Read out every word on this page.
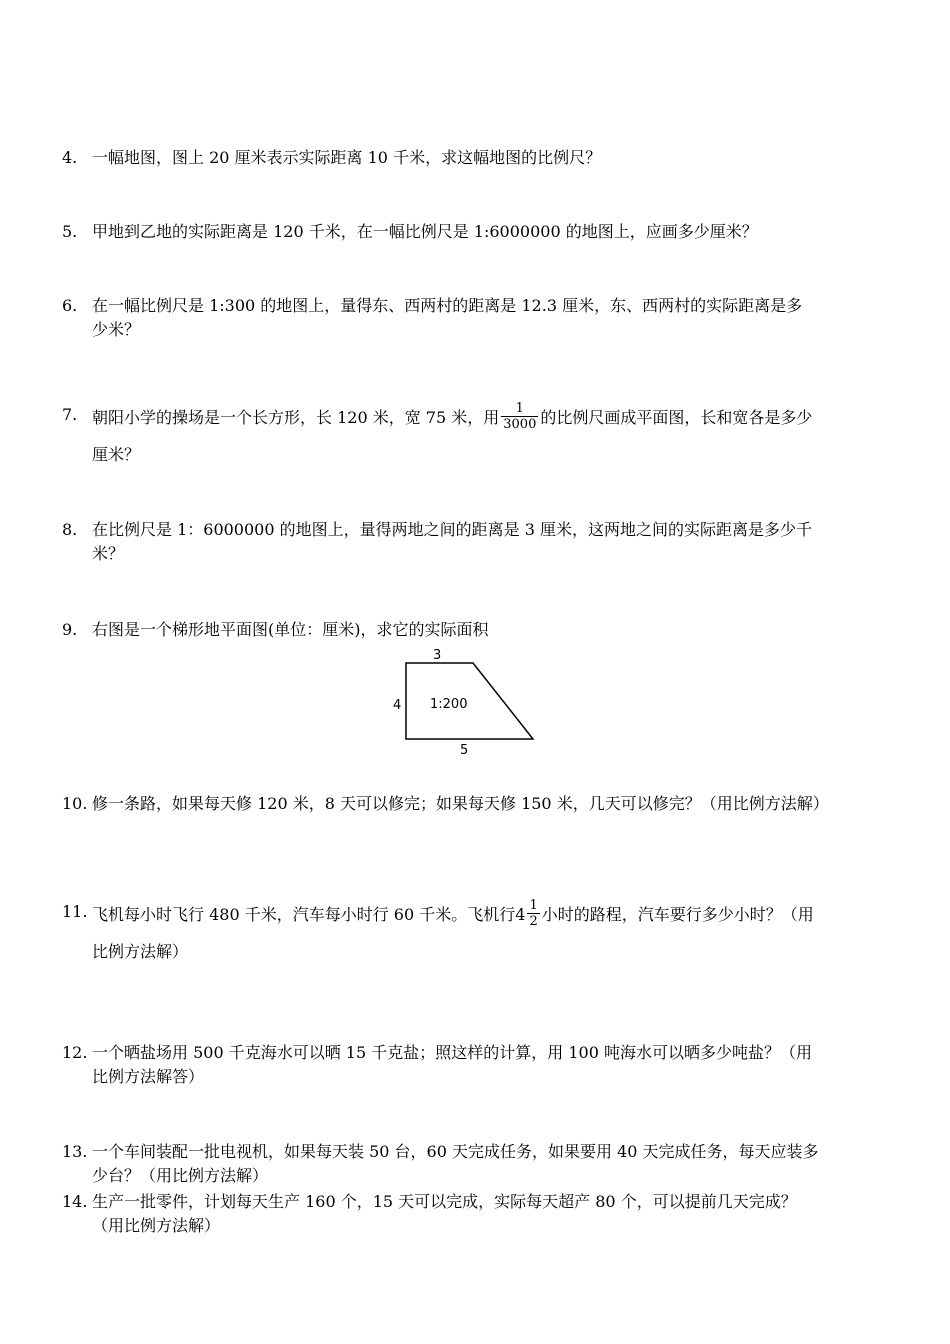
4. 一幅地图，图上 20 厘米表示实际距离 10 千米，求这幅地图的比例尺？
5. 甲地到乙地的实际距离是 120 千米，在一幅比例尺是 1:6000000 的地图上，应画多少厘米？
6. 在一幅比例尺是 1:300 的地图上，量得东、西两村的距离是 12.3 厘米，东、西两村的实际距离是多
少米？
7. 朝阳小学的操场是一个长方形，长 120 米，宽 75 米，用 $\frac{1}{3000}$ 的比例尺画成平面图，长和宽各是多少
厘米？
8. 在比例尺是 1：6000000 的地图上，量得两地之间的距离是 3 厘米，这两地之间的实际距离是多少千
米？
9. 右图是一个梯形地平面图(单位：厘米)，求它的实际面积
3
4
5
1:200
10. 修一条路，如果每天修 120 米，8 天可以修完；如果每天修 150 米，几天可以修完？（用比例方法解）
11. 飞机每小时飞行 480 千米，汽车每小时行 60 千米。飞机行$4 \frac{1}{2}$ 小时的路程，汽车要行多少小时？（用
比例方法解）
12. 一个晒盐场用 500 千克海水可以晒 15 千克盐；照这样的计算，用 100 吨海水可以晒多少吨盐？（用
比例方法解答）
13. 一个车间装配一批电视机，如果每天装 50 台，60 天完成任务，如果要用 40 天完成任务，每天应装多
少台？（用比例方法解）
14. 生产一批零件，计划每天生产 160 个，15 天可以完成，实际每天超产 80 个，可以提前几天完成？
（用比例方法解）
